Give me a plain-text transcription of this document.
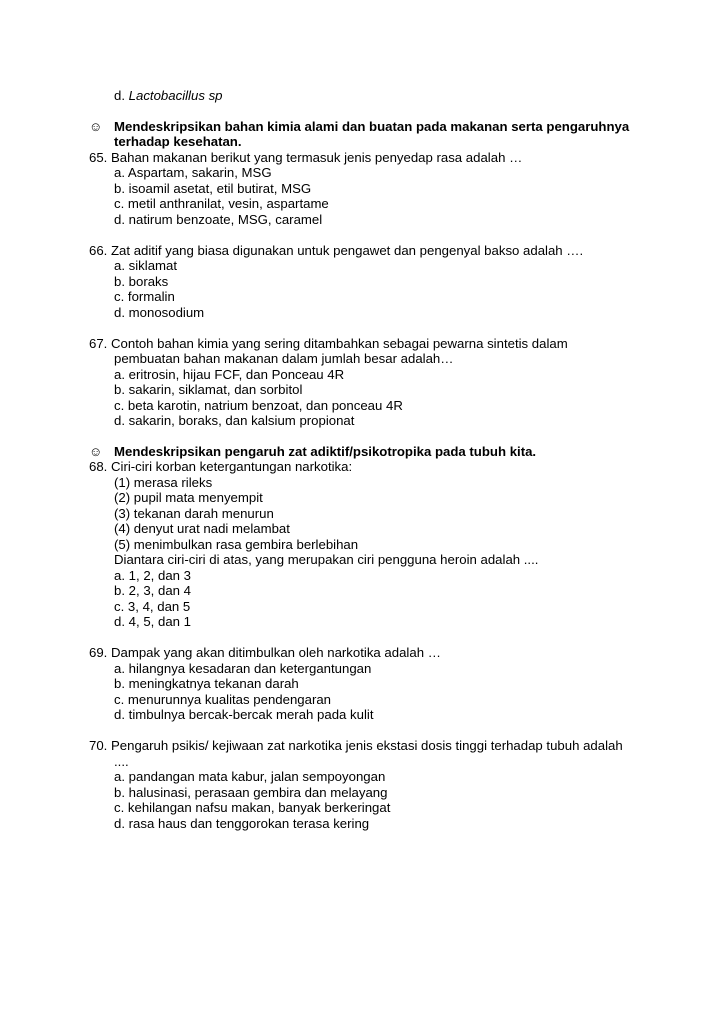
d. Lactobacillus sp
☺ Mendeskripsikan bahan kimia alami dan buatan pada makanan serta pengaruhnya
terhadap kesehatan.
65. Bahan makanan berikut yang termasuk jenis penyedap rasa adalah …
a. Aspartam, sakarin, MSG
b. isoamil asetat, etil butirat, MSG
c. metil anthranilat, vesin, aspartame
d. natirum benzoate, MSG, caramel
66. Zat aditif yang biasa digunakan untuk pengawet dan pengenyal bakso adalah ….
a. siklamat
b. boraks
c. formalin
d. monosodium
67. Contoh bahan kimia yang sering ditambahkan sebagai pewarna sintetis dalam
pembuatan bahan makanan dalam jumlah besar adalah…
a. eritrosin, hijau FCF, dan Ponceau 4R
b. sakarin, siklamat, dan sorbitol
c. beta karotin, natrium benzoat, dan ponceau 4R
d. sakarin, boraks, dan kalsium propionat
☺ Mendeskripsikan pengaruh zat adiktif/psikotropika pada tubuh kita.
68. Ciri-ciri korban ketergantungan narkotika:
(1) merasa rileks
(2) pupil mata menyempit
(3) tekanan darah menurun
(4) denyut urat nadi melambat
(5) menimbulkan rasa gembira berlebihan
Diantara ciri-ciri di atas, yang merupakan ciri pengguna heroin adalah ....
a. 1, 2, dan 3
b. 2, 3, dan 4
c. 3, 4, dan 5
d. 4, 5, dan 1
69. Dampak yang akan ditimbulkan oleh narkotika adalah …
a. hilangnya kesadaran dan ketergantungan
b. meningkatnya tekanan darah
c. menurunnya kualitas pendengaran
d. timbulnya bercak-bercak merah pada kulit
70. Pengaruh psikis/ kejiwaan zat narkotika jenis ekstasi dosis tinggi terhadap tubuh adalah
....
a. pandangan mata kabur, jalan sempoyongan
b. halusinasi, perasaan gembira dan melayang
c. kehilangan nafsu makan, banyak berkeringat
d. rasa haus dan tenggorokan terasa kering
